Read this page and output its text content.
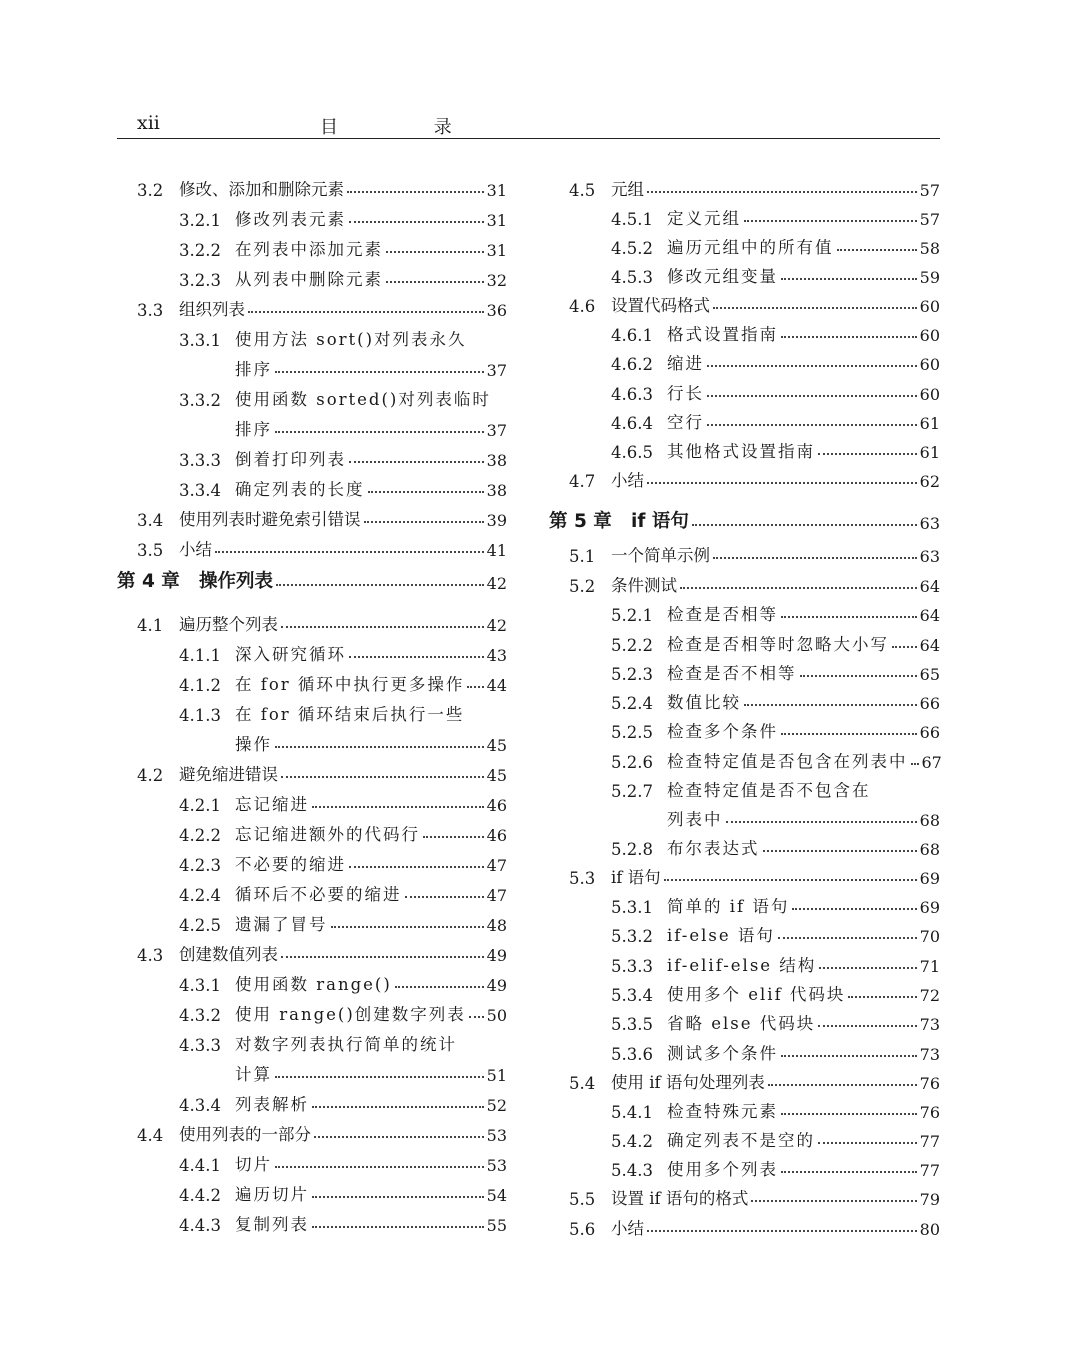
xii	目 录
3.2 修改、添加和删除元素	31
3.2.1 修改列表元素	31
3.2.2 在列表中添加元素	31
3.2.3 从列表中删除元素	32
3.3 组织列表	36
3.3.1 使用方法 sort()对列表永久
排序	37
3.3.2 使用函数 sorted()对列表临时
排序	37
3.3.3 倒着打印列表	38
3.3.4 确定列表的长度	38
3.4 使用列表时避免索引错误	39
3.5 小结	41
第 4 章	操作列表	42
4.1 遍历整个列表	42
4.1.1 深入研究循环	43
4.1.2 在 for 循环中执行更多操作 44
4.1.3 在 for 循环结束后执行一些
操作	45
4.2 避免缩进错误	45
4.2.1 忘记缩进	46
4.2.2 忘记缩进额外的代码行	46
4.2.3 不必要的缩进	47
4.2.4 循环后不必要的缩进	47
4.2.5 遗漏了冒号	48
4.3 创建数值列表	49
4.3.1 使用函数 range()	49
4.3.2 使用 range()创建数字列表 50
4.3.3 对数字列表执行简单的统计
计算	51
4.3.4 列表解析	52
4.4 使用列表的一部分	53
4.4.1 切片	53
4.4.2 遍历切片	54
4.4.3 复制列表	55
4.5 元组	57
4.5.1 定义元组	57
4.5.2 遍历元组中的所有值	58
4.5.3 修改元组变量	59
4.6 设置代码格式	60
4.6.1 格式设置指南	60
4.6.2 缩进	60
4.6.3 行长	60
4.6.4 空行	61
4.6.5 其他格式设置指南	61
4.7 小结	62
第 5 章	if 语句	63
5.1 一个简单示例	63
5.2 条件测试	64
5.2.1 检查是否相等	64
5.2.2 检查是否相等时忽略大小写 64
5.2.3 检查是否不相等	65
5.2.4 数值比较	66
5.2.5 检查多个条件	66
5.2.6 检查特定值是否包含在列表中 67
5.2.7 检查特定值是否不包含在
列表中	68
5.2.8 布尔表达式	68
5.3 if 语句	69
5.3.1 简单的 if 语句	69
5.3.2 if-else 语句	70
5.3.3 if-elif-else 结构	71
5.3.4 使用多个 elif 代码块	72
5.3.5 省略 else 代码块	73
5.3.6 测试多个条件	73
5.4 使用 if 语句处理列表	76
5.4.1 检查特殊元素	76
5.4.2 确定列表不是空的	77
5.4.3 使用多个列表	77
5.5 设置 if 语句的格式	79
5.6 小结	80
